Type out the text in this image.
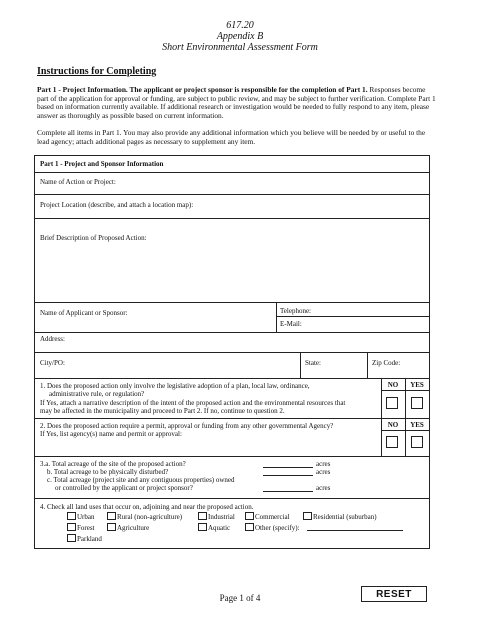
617.20
Appendix B
Short Environmental Assessment Form
Instructions for Completing
Part 1 - Project Information. The applicant or project sponsor is responsible for the completion of Part 1. Responses become part of the application for approval or funding, are subject to public review, and may be subject to further verification. Complete Part 1 based on information currently available. If additional research or investigation would be needed to fully respond to any item, please answer as thoroughly as possible based on current information.
Complete all items in Part 1. You may also provide any additional information which you believe will be needed by or useful to the lead agency; attach additional pages as necessary to supplement any item.
Part 1 - Project and Sponsor Information
Name of Action or Project:
Project Location (describe, and attach a location map):
Brief Description of Proposed Action:
Name of Applicant or Sponsor:	Telephone:
E-Mail:
Address:
City/PO:	State:	Zip Code:
1. Does the proposed action only involve the legislative adoption of a plan, local law, ordinance,
administrative rule, or regulation?
If Yes, attach a narrative description of the intent of the proposed action and the environmental resources that
may be affected in the municipality and proceed to Part 2. If no, continue to question 2.
NO	YES
2. Does the proposed action require a permit, approval or funding from any other governmental Agency?
If Yes, list agency(s) name and permit or approval:
NO	YES
3.a. Total acreage of the site of the proposed action?
b. Total acreage to be physically disturbed?
c. Total acreage (project site and any contiguous properties) owned
or controlled by the applicant or project sponsor?
acres
acres
acres
4. Check all land uses that occur on, adjoining and near the proposed action.
Urban	Rural (non-agriculture)	Industrial	Commercial	Residential (suburban)
Forest	Agriculture	Aquatic	Other (specify):
Parkland
Page 1 of 4	RESET
